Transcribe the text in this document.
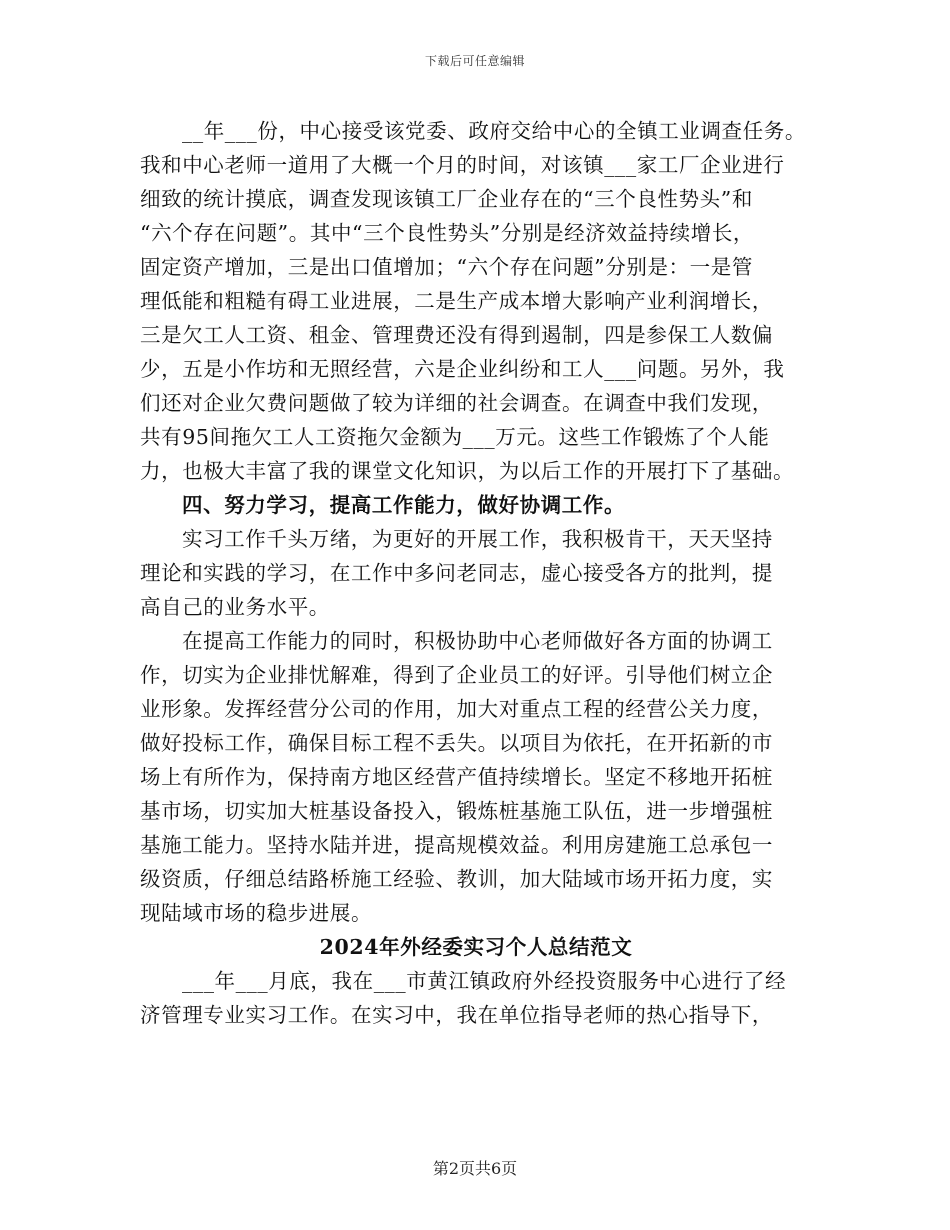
下载后可任意编辑
__年___份，中心接受该党委、政府交给中心的全镇工业调查任务。
我和中心老师一道用了大概一个月的时间，对该镇___家工厂企业进行
细致的统计摸底，调查发现该镇工厂企业存在的“三个良性势头”和
“六个存在问题”。其中“三个良性势头”分别是经济效益持续增长，
固定资产增加，三是出口值增加；“六个存在问题”分别是：一是管
理低能和粗糙有碍工业进展，二是生产成本增大影响产业利润增长，
三是欠工人工资、租金、管理费还没有得到遏制，四是参保工人数偏
少，五是小作坊和无照经营，六是企业纠纷和工人___问题。另外，我
们还对企业欠费问题做了较为详细的社会调查。在调查中我们发现，
共有95间拖欠工人工资拖欠金额为___万元。这些工作锻炼了个人能
力，也极大丰富了我的课堂文化知识，为以后工作的开展打下了基础。
四、努力学习，提高工作能力，做好协调工作。
实习工作千头万绪，为更好的开展工作，我积极肯干，天天坚持
理论和实践的学习，在工作中多问老同志，虚心接受各方的批判，提
高自己的业务水平。
在提高工作能力的同时，积极协助中心老师做好各方面的协调工
作，切实为企业排忧解难，得到了企业员工的好评。引导他们树立企
业形象。发挥经营分公司的作用，加大对重点工程的经营公关力度，
做好投标工作，确保目标工程不丢失。以项目为依托，在开拓新的市
场上有所作为，保持南方地区经营产值持续增长。坚定不移地开拓桩
基市场，切实加大桩基设备投入，锻炼桩基施工队伍，进一步增强桩
基施工能力。坚持水陆并进，提高规模效益。利用房建施工总承包一
级资质，仔细总结路桥施工经验、教训，加大陆域市场开拓力度，实
现陆域市场的稳步进展。
2024年外经委实习个人总结范文
___年___月底，我在___市黄江镇政府外经投资服务中心进行了经
济管理专业实习工作。在实习中，我在单位指导老师的热心指导下，
第2页共6页
